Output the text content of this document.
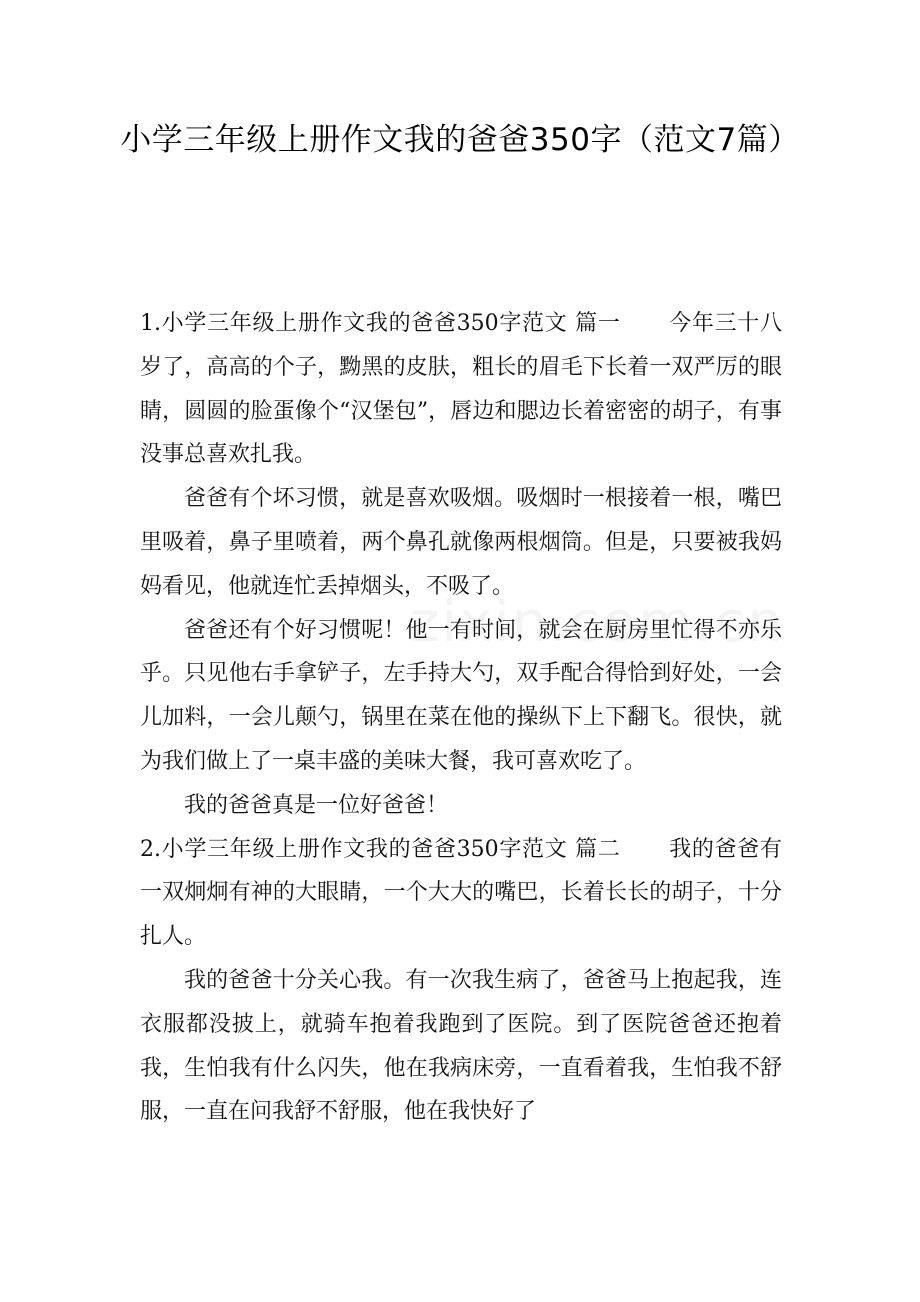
小学三年级上册作文我的爸爸350字（范文7篇）

1.小学三年级上册作文我的爸爸350字范文 篇一 今年三十八岁了，高高的个子，黝黑的皮肤，粗长的眉毛下长着一双严厉的眼睛，圆圆的脸蛋像个“汉堡包”，唇边和腮边长着密密的胡子，有事没事总喜欢扎我。

爸爸有个坏习惯，就是喜欢吸烟。吸烟时一根接着一根，嘴巴里吸着，鼻子里喷着，两个鼻孔就像两根烟筒。但是，只要被我妈妈看见，他就连忙丢掉烟头，不吸了。

爸爸还有个好习惯呢！他一有时间，就会在厨房里忙得不亦乐乎。只见他右手拿铲子，左手持大勺，双手配合得恰到好处，一会儿加料，一会儿颠勺，锅里在菜在他的操纵下上下翻飞。很快，就为我们做上了一桌丰盛的美味大餐，我可喜欢吃了。

我的爸爸真是一位好爸爸！

2.小学三年级上册作文我的爸爸350字范文 篇二 我的爸爸有一双炯炯有神的大眼睛，一个大大的嘴巴，长着长长的胡子，十分扎人。

我的爸爸十分关心我。有一次我生病了，爸爸马上抱起我，连衣服都没披上，就骑车抱着我跑到了医院。到了医院爸爸还抱着我，生怕我有什么闪失，他在我病床旁，一直看着我，生怕我不舒服，一直在问我舒不舒服，他在我快好了
